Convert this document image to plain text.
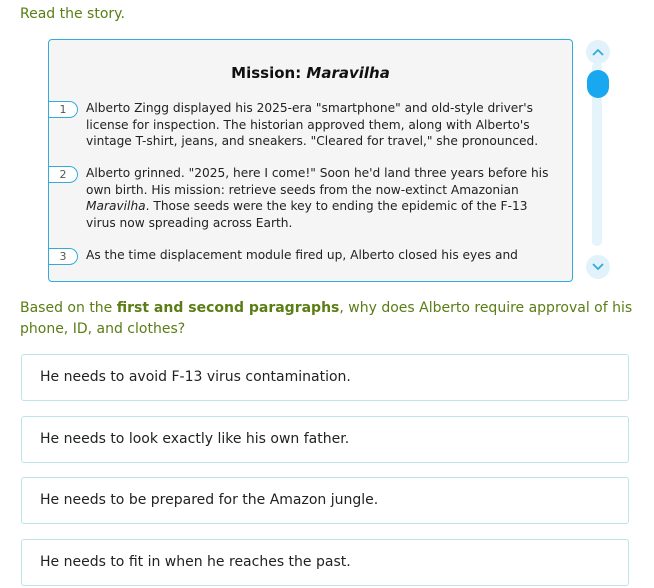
Read the story.
Mission: Maravilha
1	Alberto Zingg displayed his 2025-era "smartphone" and old-style driver's license for inspection. The historian approved them, along with Alberto's vintage T-shirt, jeans, and sneakers. "Cleared for travel," she pronounced.
2	Alberto grinned. "2025, here I come!" Soon he'd land three years before his own birth. His mission: retrieve seeds from the now-extinct Amazonian Maravilha. Those seeds were the key to ending the epidemic of the F-13 virus now spreading across Earth.
3	As the time displacement module fired up, Alberto closed his eyes and
Based on the first and second paragraphs, why does Alberto require approval of his phone, ID, and clothes?
He needs to avoid F-13 virus contamination.
He needs to look exactly like his own father.
He needs to be prepared for the Amazon jungle.
He needs to fit in when he reaches the past.
